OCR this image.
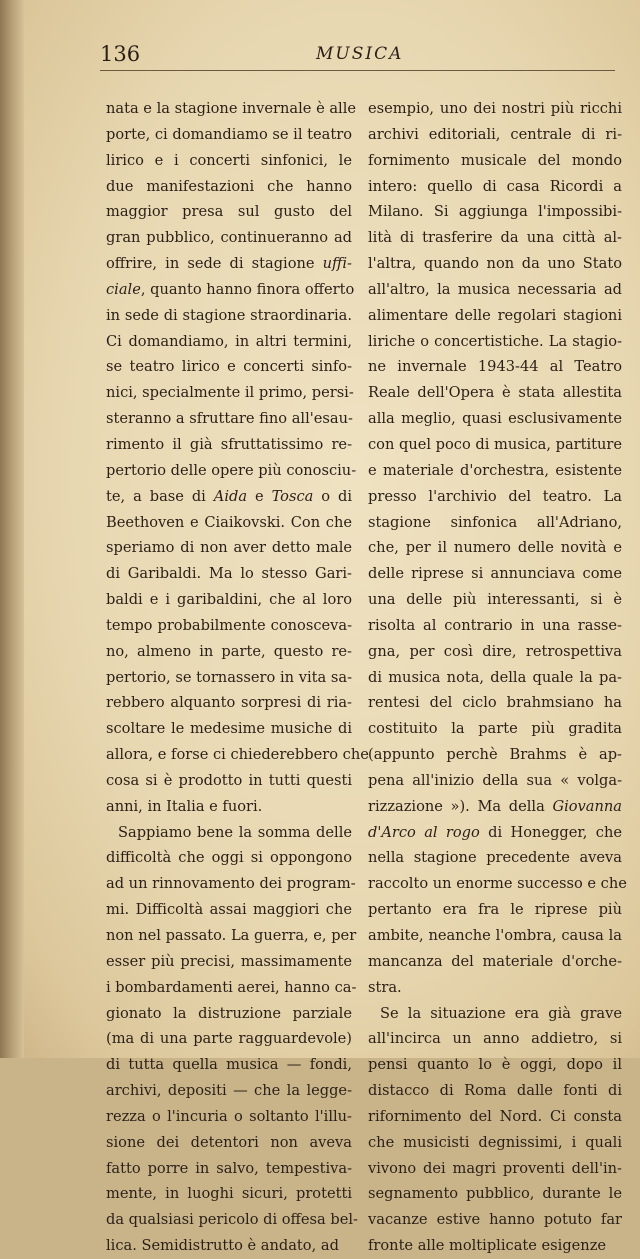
136	MUSICA
nata e la stagione invernale è alle
porte, ci domandiamo se il teatro
lirico e i concerti sinfonici, le
due manifestazioni che hanno
maggior presa sul gusto del
gran pubblico, continueranno ad
offrire, in sede di stagione uffi-
ciale, quanto hanno finora offerto
in sede di stagione straordinaria.
Ci domandiamo, in altri termini,
se teatro lirico e concerti sinfo-
nici, specialmente il primo, persi-
steranno a sfruttare fino all'esau-
rimento il già sfruttatissimo re-
pertorio delle opere più conosciu-
te, a base di Aida e Tosca o di
Beethoven e Ciaikovski. Con che
speriamo di non aver detto male
di Garibaldi. Ma lo stesso Gari-
baldi e i garibaldini, che al loro
tempo probabilmente conosceva-
no, almeno in parte, questo re-
pertorio, se tornassero in vita sa-
rebbero alquanto sorpresi di ria-
scoltare le medesime musiche di
allora, e forse ci chiederebbero che
cosa si è prodotto in tutti questi
anni, in Italia e fuori.
Sappiamo bene la somma delle
difficoltà che oggi si oppongono
ad un rinnovamento dei program-
mi. Difficoltà assai maggiori che
non nel passato. La guerra, e, per
esser più precisi, massimamente
i bombardamenti aerei, hanno ca-
gionato la distruzione parziale
(ma di una parte ragguardevole)
di tutta quella musica — fondi,
archivi, depositi — che la legge-
rezza o l'incuria o soltanto l'illu-
sione dei detentori non aveva
fatto porre in salvo, tempestiva-
mente, in luoghi sicuri, protetti
da qualsiasi pericolo di offesa bel-
lica. Semidistrutto è andato, ad
esempio, uno dei nostri più ricchi
archivi editoriali, centrale di ri-
fornimento musicale del mondo
intero: quello di casa Ricordi a
Milano. Si aggiunga l'impossibi-
lità di trasferire da una città al-
l'altra, quando non da uno Stato
all'altro, la musica necessaria ad
alimentare delle regolari stagioni
liriche o concertistiche. La stagio-
ne invernale 1943-44 al Teatro
Reale dell'Opera è stata allestita
alla meglio, quasi esclusivamente
con quel poco di musica, partiture
e materiale d'orchestra, esistente
presso l'archivio del teatro. La
stagione sinfonica all'Adriano,
che, per il numero delle novità e
delle riprese si annunciava come
una delle più interessanti, si è
risolta al contrario in una rasse-
gna, per così dire, retrospettiva
di musica nota, della quale la pa-
rentesi del ciclo brahmsiano ha
costituito la parte più gradita
(appunto perchè Brahms è ap-
pena all'inizio della sua « volga-
rizzazione »). Ma della Giovanna
d'Arco al rogo di Honegger, che
nella stagione precedente aveva
raccolto un enorme successo e che
pertanto era fra le riprese più
ambite, neanche l'ombra, causa la
mancanza del materiale d'orche-
stra.
Se la situazione era già grave
all'incirca un anno addietro, si
pensi quanto lo è oggi, dopo il
distacco di Roma dalle fonti di
rifornimento del Nord. Ci consta
che musicisti degnissimi, i quali
vivono dei magri proventi dell'in-
segnamento pubblico, durante le
vacanze estive hanno potuto far
fronte alle moltiplicate esigenze
